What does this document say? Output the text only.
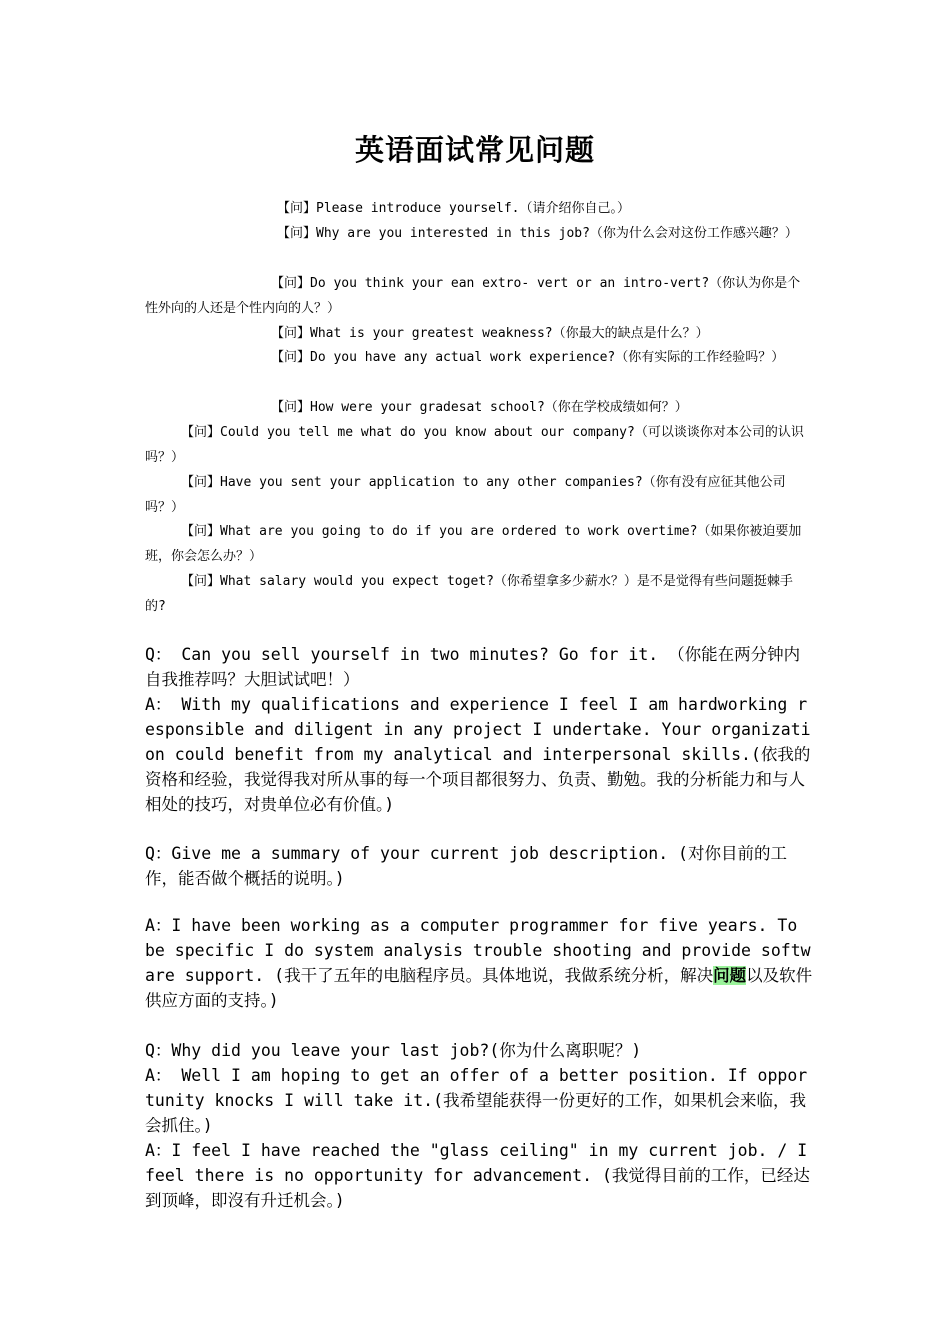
英语面试常见问题

【问】Please introduce yourself.（请介绍你自己。）

【问】Why are you interested in this job?（你为什么会对这份工作感兴趣？）

【问】Do you think your ean extro- vert or an intro-vert?（你认为你是个性外向的人还是个性内向的人？）

【问】What is your greatest weakness?（你最大的缺点是什么？）

【问】Do you have any actual work experience?（你有实际的工作经验吗？）

【问】How were your gradesat school?（你在学校成绩如何？）

【问】Could you tell me what do you know about our company?（可以谈谈你对本公司的认识吗？）

【问】Have you sent your application to any other companies?（你有没有应征其他公司吗？）

【问】What are you going to do if you are ordered to work overtime?（如果你被迫要加班，你会怎么办？）

【问】What salary would you expect toget?（你希望拿多少薪水？）是不是觉得有些问题挺棘手的?

Q： Can you sell yourself in two minutes? Go for it. （你能在两分钟内自我推荐吗？大胆试试吧！）

A： With my qualifications and experience I feel I am hardworking responsible and diligent in any project I undertake. Your organization could benefit from my analytical and interpersonal skills.(依我的资格和经验，我觉得我对所从事的每一个项目都很努力、负责、勤勉。我的分析能力和与人相处的技巧，对贵单位必有价值。)

Q：Give me a summary of your current job description. (对你目前的工作，能否做个概括的说明。)

A：I have been working as a computer programmer for five years. To be specific I do system analysis trouble shooting and provide software support. (我干了五年的电脑程序员。具体地说，我做系统分析，解决问题以及软件供应方面的支持。)

Q：Why did you leave your last job?(你为什么离职呢？)

A： Well I am hoping to get an offer of a better position. If opportunity knocks I will take it.(我希望能获得一份更好的工作，如果机会来临，我会抓住。)

A：I feel I have reached the "glass ceiling" in my current job. / I feel there is no opportunity for advancement. (我觉得目前的工作，已经达到顶峰，即沒有升迁机会。)
